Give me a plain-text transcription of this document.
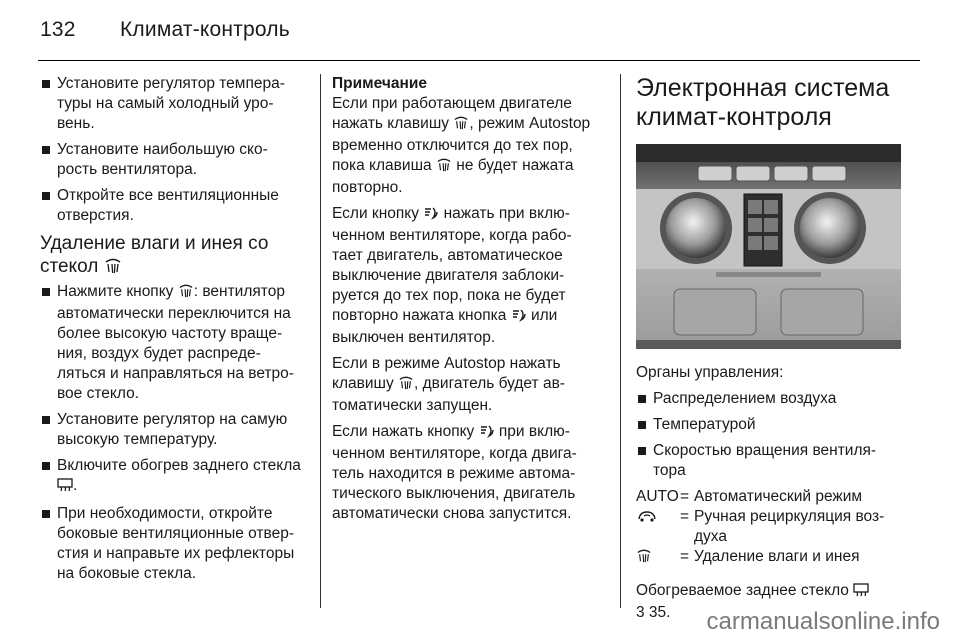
132 Климат-контроль
Установите регулятор темпера- туры на самый холодный уро- вень.
Установите наибольшую ско- рость вентилятора.
Откройте все вентиляционные отверстия.
Удаление влаги и инея со стекол
Нажмите кнопку : вентилятор автоматически переключится на более высокую частоту враще- ния, воздух будет распреде- ляться и направляться на ветро- вое стекло.
Установите регулятор на самую высокую температуру.
Включите обогрев заднего стекла .
При необходимости, откройте боковые вентиляционные отвер- стия и направьте их рефлекторы на боковые стекла.
Примечание

Если при работающем двигателе нажать клавишу , режим Autostop временно отключится до тех пор, пока клавиша  не будет нажата повторно.

Если кнопку  нажать при вклю- ченном вентиляторе, когда рабо- тает двигатель, автоматическое выключение двигателя заблоки- руется до тех пор, пока не будет повторно нажата кнопка  или выключен вентилятор.

Если в режиме Autostop нажать клавишу , двигатель будет ав- томатически запущен.

Если нажать кнопку  при вклю- ченном вентиляторе, когда двига- тель находится в режиме автома- тического выключения, двигатель автоматически снова запустится.

Электронная система климат-контроля

Органы управления:

Распределением воздуха
Температурой
Скоростью вращения вентиля- тора
AUTO = Автоматический режим
= Ручная рециркуляция воз- духа
= Удаление влаги и инея

Обогреваемое заднее стекло
3 35.	carmanualsonline.info
